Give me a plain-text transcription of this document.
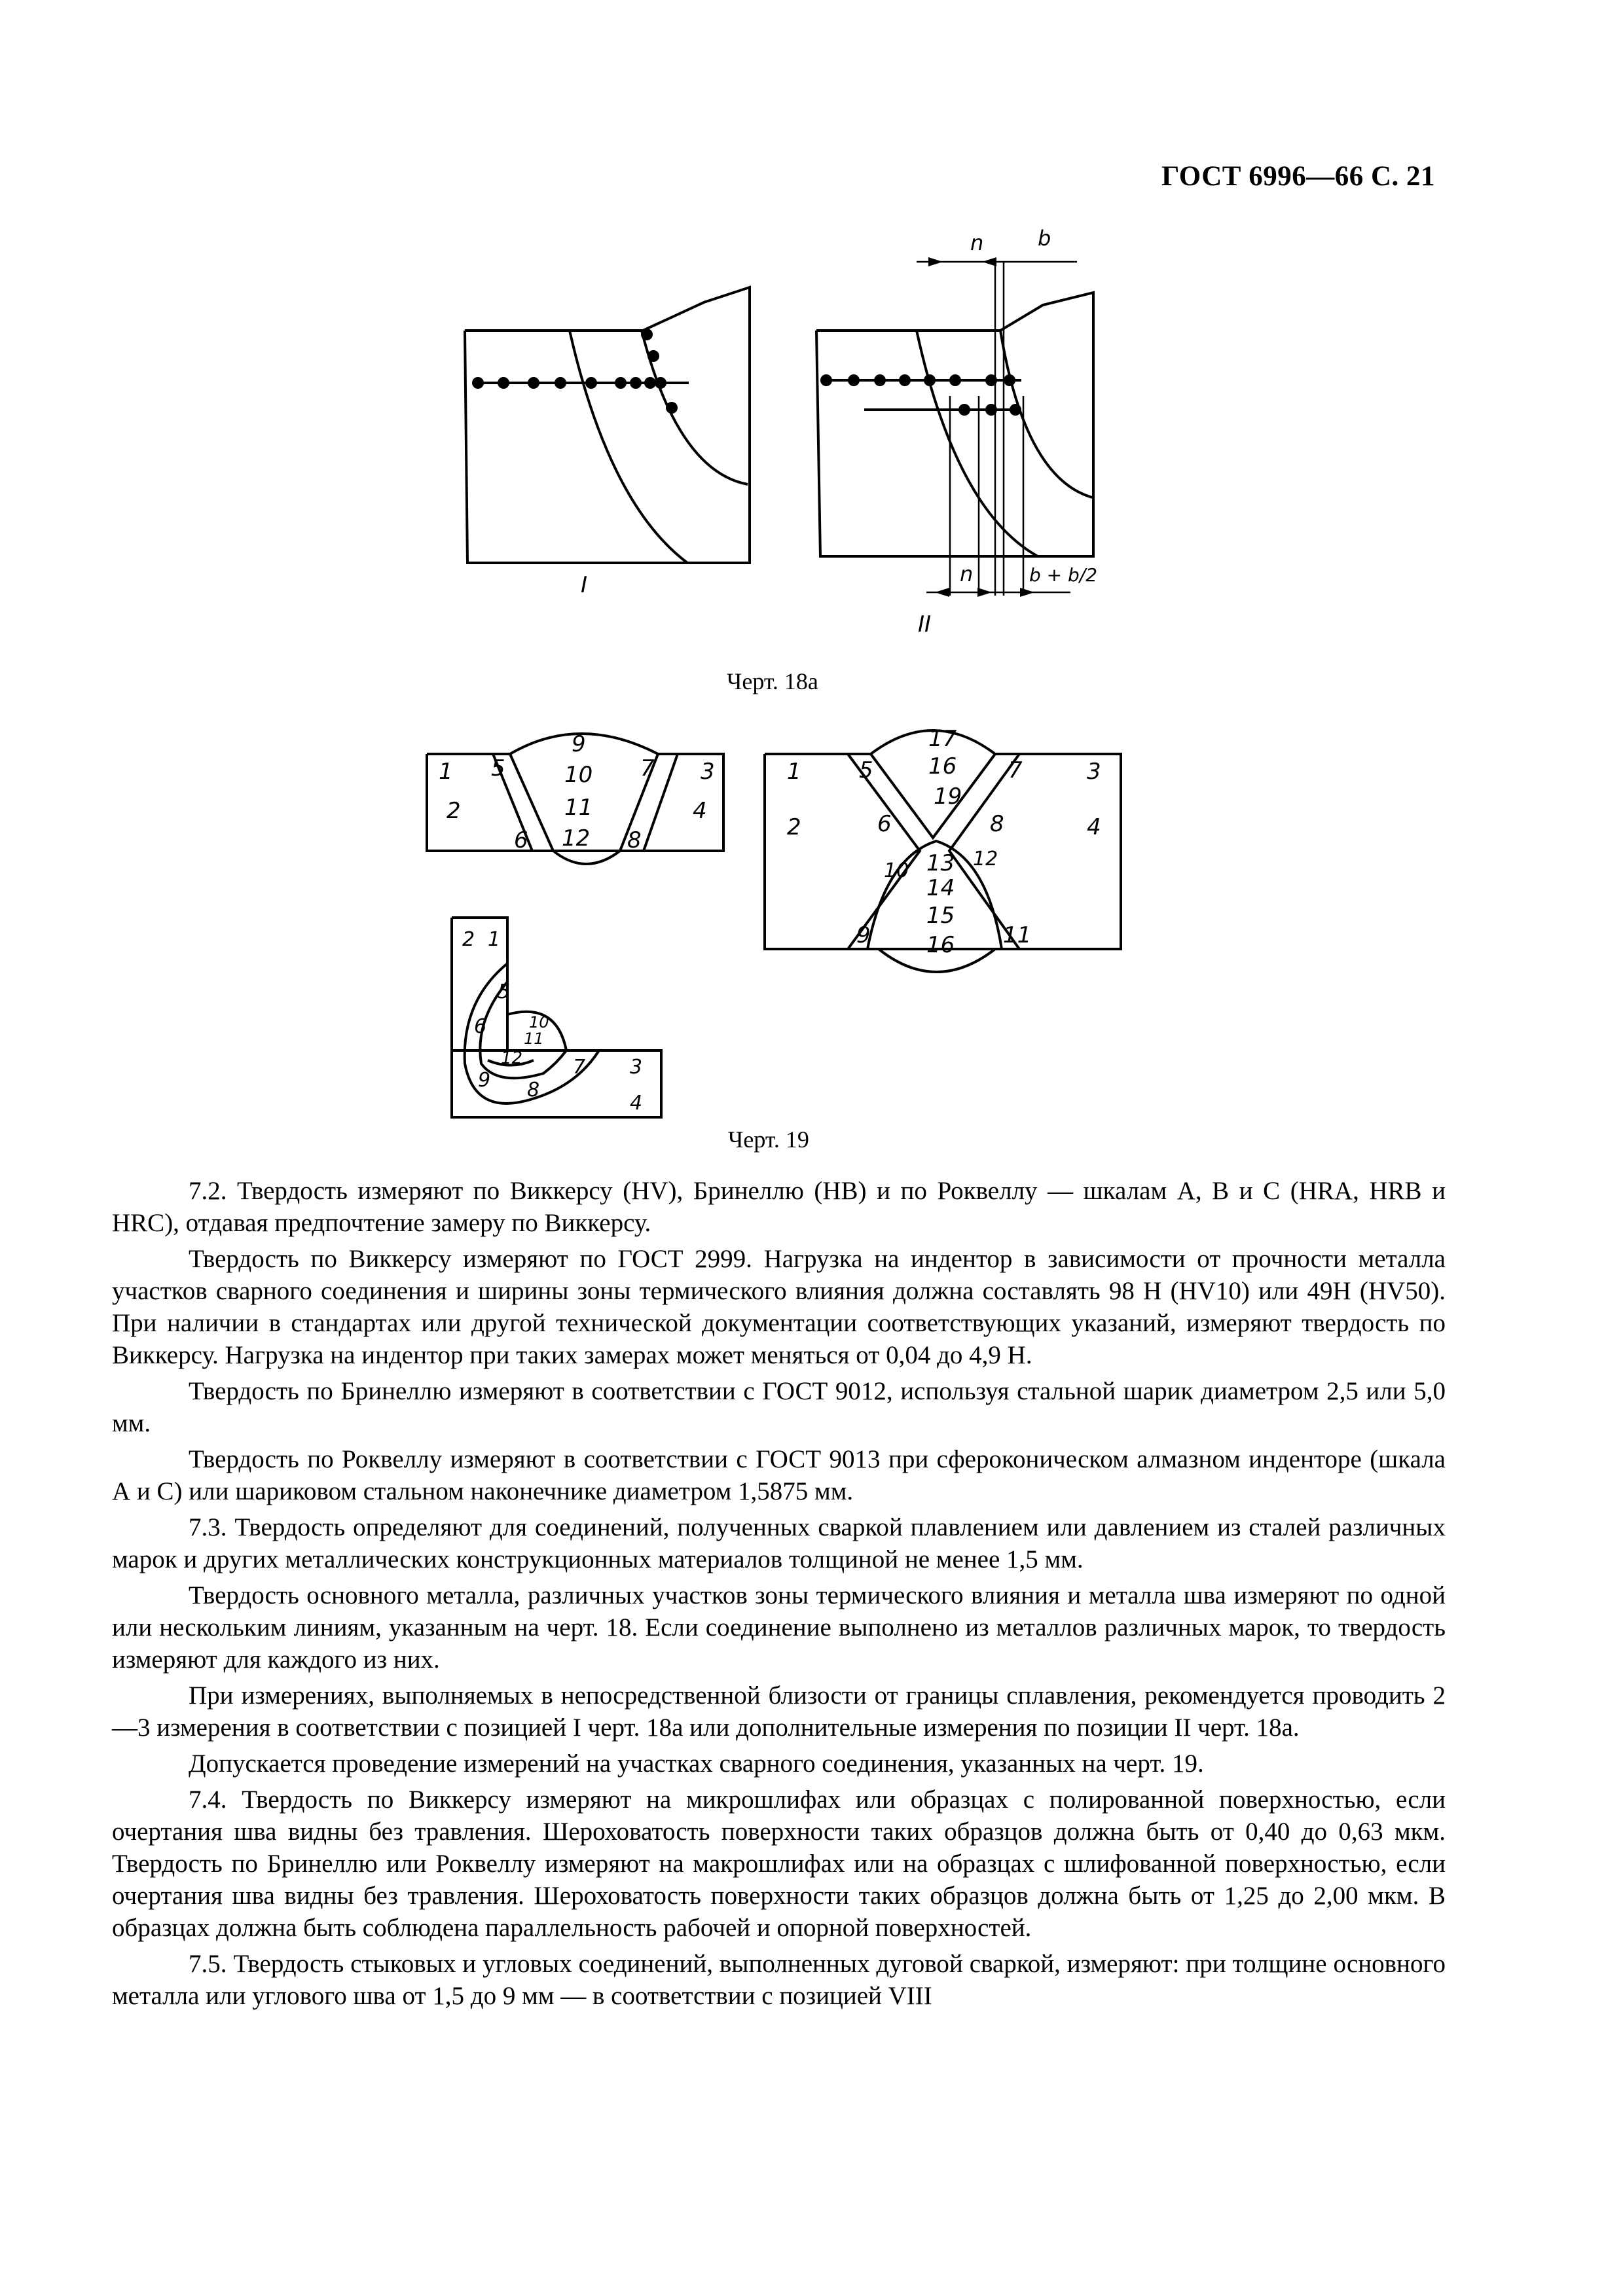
ГОСТ 6996—66 С. 21
I
n	b
n	b + b/2
II
Черт. 18а
1
2
3
4
5
6
7
8
9
10
11
12
1
2
3
4
5
6
7
8
17
16
19
10
12
13
14
15
16
9	11
1
2
3
4
5
6
7
8
9
10
11
12
Черт. 19

7.2. Твердость измеряют по Виккерсу (HV), Бринеллю (HB) и по Роквеллу — шкалам A, B и C (HRA, HRB и HRC), отдавая предпочтение замеру по Виккерсу.

Твердость по Виккерсу измеряют по ГОСТ 2999. Нагрузка на индентор в зависимости от прочности металла участков сварного соединения и ширины зоны термического влияния должна составлять 98 Н (HV10) или 49Н (HV50). При наличии в стандартах или другой технической документации соответствующих указаний, измеряют твердость по Виккерсу. Нагрузка на индентор при таких замерах может меняться от 0,04 до 4,9 Н.

Твердость по Бринеллю измеряют в соответствии с ГОСТ 9012, используя стальной шарик диаметром 2,5 или 5,0 мм.

Твердость по Роквеллу измеряют в соответствии с ГОСТ 9013 при сфероконическом алмазном инденторе (шкала А и С) или шариковом стальном наконечнике диаметром 1,5875 мм.

7.3. Твердость определяют для соединений, полученных сваркой плавлением или давлением из сталей различных марок и других металлических конструкционных материалов толщиной не менее 1,5 мм.

Твердость основного металла, различных участков зоны термического влияния и металла шва измеряют по одной или нескольким линиям, указанным на черт. 18. Если соединение выполнено из металлов различных марок, то твердость измеряют для каждого из них.

При измерениях, выполняемых в непосредственной близости от границы сплавления, рекомендуется проводить 2—3 измерения в соответствии с позицией I черт. 18а или дополнительные измерения по позиции II черт. 18а.

Допускается проведение измерений на участках сварного соединения, указанных на черт. 19.

7.4. Твердость по Виккерсу измеряют на микрошлифах или образцах с полированной поверхностью, если очертания шва видны без травления. Шероховатость поверхности таких образцов должна быть от 0,40 до 0,63 мкм. Твердость по Бринеллю или Роквеллу измеряют на макрошлифах или на образцах с шлифованной поверхностью, если очертания шва видны без травления. Шероховатость поверхности таких образцов должна быть от 1,25 до 2,00 мкм. В образцах должна быть соблюдена параллельность рабочей и опорной поверхностей.

7.5. Твердость стыковых и угловых соединений, выполненных дуговой сваркой, измеряют: при толщине основного металла или углового шва от 1,5 до 9 мм — в соответствии с позицией VIII
